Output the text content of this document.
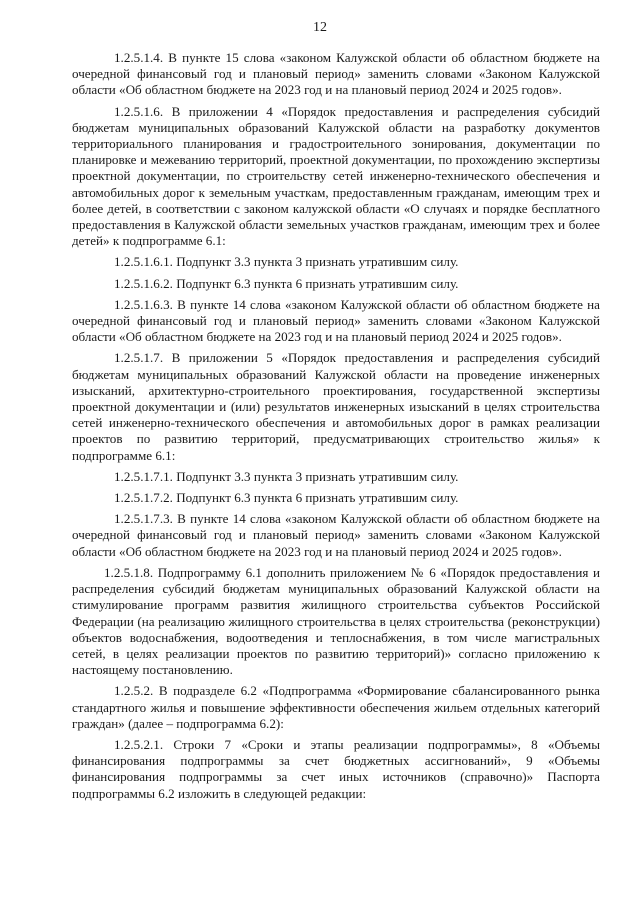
12

1.2.5.1.4. В пункте 15 слова «законом Калужской области об областном бюджете на очередной финансовый год и плановый период» заменить словами «Законом Калужской области «Об областном бюджете на 2023 год и на плановый период 2024 и 2025 годов».

1.2.5.1.6. В приложении 4 «Порядок предоставления и распределения субсидий бюджетам муниципальных образований Калужской области на разработку документов территориального планирования и градостроительного зонирования, документации по планировке и межеванию территорий, проектной документации, по прохождению экспертизы проектной документации, по строительству сетей инженерно-технического обеспечения и автомобильных дорог к земельным участкам, предоставленным гражданам, имеющим трех и более детей, в соответствии с законом калужской области «О случаях и порядке бесплатного предоставления в Калужской области земельных участков гражданам, имеющим трех и более детей» к подпрограмме 6.1:

1.2.5.1.6.1. Подпункт 3.3 пункта 3 признать утратившим силу.

1.2.5.1.6.2. Подпункт 6.3 пункта 6 признать утратившим силу.

1.2.5.1.6.3. В пункте 14 слова «законом Калужской области об областном бюджете на очередной финансовый год и плановый период» заменить словами «Законом Калужской области «Об областном бюджете на 2023 год и на плановый период 2024 и 2025 годов».

1.2.5.1.7. В приложении 5 «Порядок предоставления и распределения субсидий бюджетам муниципальных образований Калужской области на проведение инженерных изысканий, архитектурно-строительного проектирования, государственной экспертизы проектной документации и (или) результатов инженерных изысканий в целях строительства сетей инженерно-технического обеспечения и автомобильных дорог в рамках реализации проектов по развитию территорий, предусматривающих строительство жилья» к подпрограмме 6.1:

1.2.5.1.7.1. Подпункт 3.3 пункта 3 признать утратившим силу.

1.2.5.1.7.2. Подпункт 6.3 пункта 6 признать утратившим силу.

1.2.5.1.7.3. В пункте 14 слова «законом Калужской области об областном бюджете на очередной финансовый год и плановый период» заменить словами «Законом Калужской области «Об областном бюджете на 2023 год и на плановый период 2024 и 2025 годов».

1.2.5.1.8. Подпрограмму 6.1 дополнить приложением № 6 «Порядок предоставления и распределения субсидий бюджетам муниципальных образований Калужской области на стимулирование программ развития жилищного строительства субъектов Российской Федерации (на реализацию жилищного строительства в целях строительства (реконструкции) объектов водоснабжения, водоотведения и теплоснабжения, в том числе магистральных сетей, в целях реализации проектов по развитию территорий)» согласно приложению к настоящему постановлению.

1.2.5.2. В подразделе 6.2 «Подпрограмма «Формирование сбалансированного рынка стандартного жилья и повышение эффективности обеспечения жильем отдельных категорий граждан» (далее – подпрограмма 6.2):

1.2.5.2.1. Строки 7 «Сроки и этапы реализации подпрограммы», 8 «Объемы финансирования подпрограммы за счет бюджетных ассигнований», 9 «Объемы финансирования подпрограммы за счет иных источников (справочно)» Паспорта подпрограммы 6.2 изложить в следующей редакции:
